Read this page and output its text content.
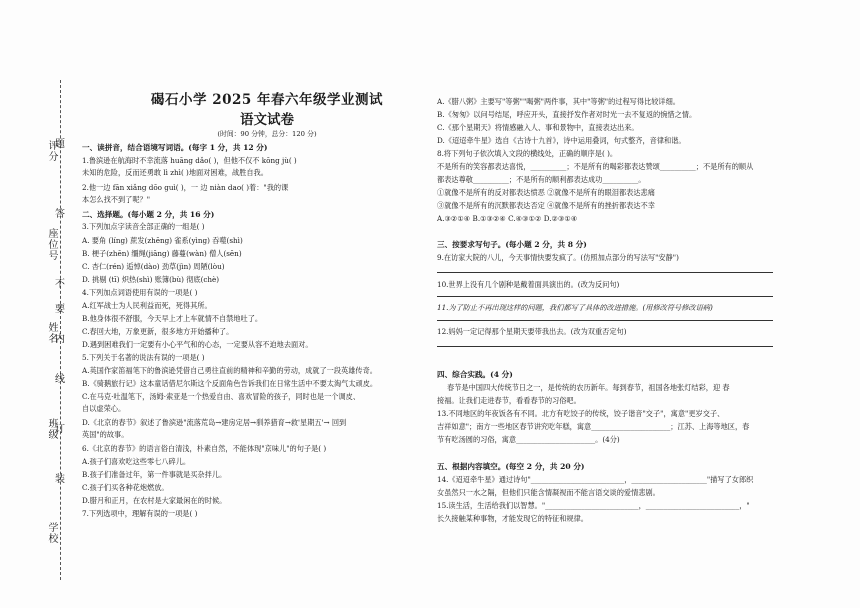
评分
座位号
姓名
班级
学校
题
答
不
要
内
线
订
装
碣石小学 2025 年春六年级学业测试
语文试卷
(时间：90 分钟，总分：120 分)
一、读拼音，结合语境写词语。(每字 1 分，共 12 分)
1.鲁滨逊在航海时不幸流落 huāng dǎo( )，但他不仅不 kōng jù( )
未知的危险，反而还勇敢 lì zhì( )地面对困难，战胜自我。
2.他一边 fān xiǎng dōo guì( )，一 边 niàn dao( )着："我的课
本怎么找不到了呢？"
二、选择题。(每小题 2 分，共 16 分)
3.下列加点字读音全部正确的一组是( )
A. 要角 (líng) 蔗发(zhēng) 雀系(yìng) 吞噬(shì)
B. 梗子(zhēn) 缰绳(jiāng) 藤蔓(wàn) 僧人(sēn)
C. 杏仁(rén) 逅悼(dào) 劲草(jìn) 周陋(lòu)
D. 挑剔 (tī) 炽热(shì) 账簿(bù) 彻底(chè)
4.下列加点词语使用有误的一项是( )
A.红军战士为人民利益而死，死得其所。
B.他身体很不舒服，今天早上才上车就情不自禁地吐了。
C.春回大地，万象更新，很多地方开始播种了。
D.遇到困难我们一定要有小心平气和的心态，一定要从容不迫地去面对。
5.下列关于名著的说法有误的一项是( )
A.英国作家笛福笔下的鲁滨逊凭借自己勇往直前的精神和辛勤的劳动，成就了一段英雄传奇。
B.《骑鹅旅行记》这本童话借尼尔斯这个反面角色告诉我们在日常生活中不要太淘气太顽皮。
C.在马克·吐温笔下，汤姆·索亚是一个热爱自由、喜欢冒险的孩子，同时也是一个调皮、
自以虚荣心。
D.《北京的春节》叙述了鲁滨逊"流落荒岛→建房定居→驯养猎育→救'星期五'→ 回到
英国"的故事。
6.《北京的春节》的语言俗白清浅，朴素自然，不能体现"京味儿"的句子是( )
A.孩子们喜欢吃这些零七八碎儿。
B.孩子们准备过年，第一件事就是买杂拌儿。
C.孩子们买各种花炮燃放。
D.腊月和正月，在农村是大家最闲在的时候。
7.下列选项中，理解有误的一项是( )
A.《腊八粥》主要写"等粥""喝粥"两件事，其中"等粥"的过程写得比较详细。
B.《匆匆》以问号结尾，呼应开头，直接抒发作者对时光一去不复返的惋惜之情。
C.《那个星期天》将情感融入人、事和景物中，直接表达出来。
D.《迢迢牵牛星》选自《古诗十九首》，诗中运用叠词，句式整齐，音律和谐。
8.将下列句子依次填入文段的横线处，正确的顺序是( )。
不是所有的笑容都表达喜悦，__________；不是所有的喝彩都表达赞颂__________；不是所有的顺从
都表达尊敬__________；不是所有的顺利都表达成功__________。
①就像不是所有的反对都表达愤恶 ②就像不是所有的眼泪都表达悲痛
③就像不是所有的沉默都表达否定 ④就像不是所有的挫折都表达不幸
A.③②①④ B.①③②④ C.④③①② D.②③①④
三、按要求写句子。(每小题 2 分，共 8 分)
9.在访家大院的八儿，今天事情快要发疯了。(仿照加点部分的写法写"安静")
10.世界上没有几个剧种是戴着面具演出的。(改为反问句)
11.为了防止不再出现这样的问题，我们都写了具体的改进措施。(用修改符号修改语病)
12.妈妈一定记得那个星期天要带我出去。(改为双重否定句)
四、综合实践。(4 分)
春节是中国四大传统节日之一，是传统的农历新年。每到春节，祖国各地张灯结彩，迎 春
接福。让我们走进春节，看看春节的习俗吧。
13.不同地区的年夜饭各有不同。北方有吃饺子的传统，饺子谐音"交子"，寓意"更岁交子、
吉祥如意"；南方一些地区春节讲究吃年糕，寓意______________________；江苏、上海等地区，春
节有吃汤圆的习俗，寓意______________________。(4分)
五、根据内容填空。(每空 2 分，共 20 分)
14.《迢迢牵牛星》通过诗句"__________________________，_____________________"描写了女郎织
女虽然只一水之隔，但他们只能含情凝视而不能言语交谈的爱情悲剧。
15.读生活，生活给我们以智慧。"__________________________，__________________________，"
长久接触某种事物，才能发现它的特征和规律。
